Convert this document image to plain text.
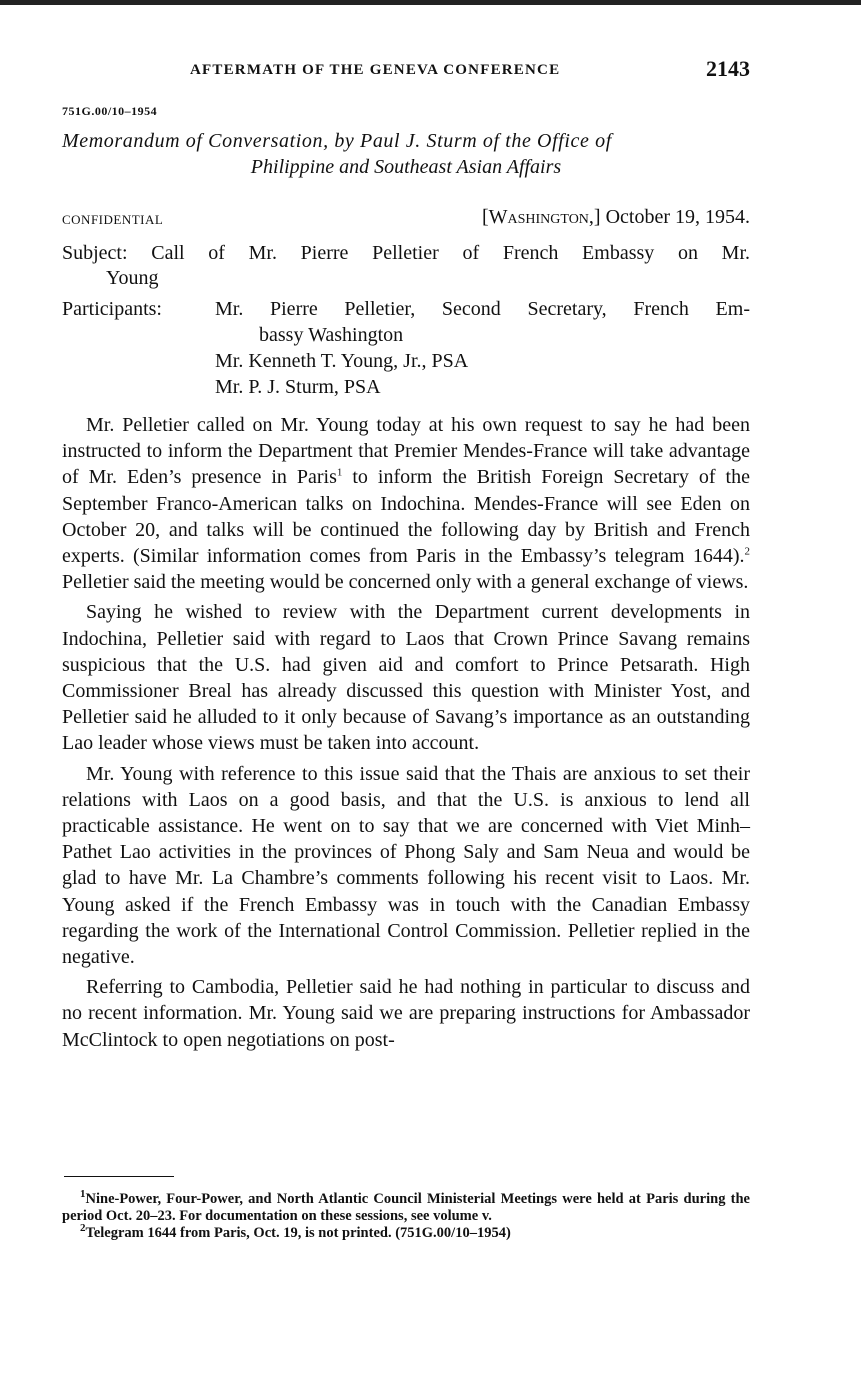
AFTERMATH OF THE GENEVA CONFERENCE	2143
751G.00/10–1954
Memorandum of Conversation, by Paul J. Sturm of the Office of
Philippine and Southeast Asian Affairs
CONFIDENTIAL	[Washington,] October 19, 1954.
Subject: Call of Mr. Pierre Pelletier of French Embassy on Mr.
Young
Participants:	Mr. Pierre Pelletier, Second Secretary, French Em-
bassy Washington
Mr. Kenneth T. Young, Jr., PSA
Mr. P. J. Sturm, PSA

Mr. Pelletier called on Mr. Young today at his own request to say he had been instructed to inform the Department that Premier Mendes-France will take advantage of Mr. Eden’s presence in Paris$^1$ to inform the British Foreign Secretary of the September Franco-American talks on Indochina. Mendes-France will see Eden on October 20, and talks will be continued the following day by British and French experts. (Similar information comes from Paris in the Embassy’s telegram 1644).$^2$ Pelletier said the meeting would be concerned only with a general exchange of views.

Saying he wished to review with the Department current developments in Indochina, Pelletier said with regard to Laos that Crown Prince Savang remains suspicious that the U.S. had given aid and comfort to Prince Petsarath. High Commissioner Breal has already discussed this question with Minister Yost, and Pelletier said he alluded to it only because of Savang’s importance as an outstanding Lao leader whose views must be taken into account.

Mr. Young with reference to this issue said that the Thais are anxious to set their relations with Laos on a good basis, and that the U.S. is anxious to lend all practicable assistance. He went on to say that we are concerned with Viet Minh–Pathet Lao activities in the provinces of Phong Saly and Sam Neua and would be glad to have Mr. La Chambre’s comments following his recent visit to Laos. Mr. Young asked if the French Embassy was in touch with the Canadian Embassy regarding the work of the International Control Commission. Pelletier replied in the negative.

Referring to Cambodia, Pelletier said he had nothing in particular to discuss and no recent information. Mr. Young said we are preparing instructions for Ambassador McClintock to open negotiations on post-

$^1$Nine-Power, Four-Power, and North Atlantic Council Ministerial Meetings were held at Paris during the period Oct. 20–23. For documentation on these sessions, see volume v.

$^2$Telegram 1644 from Paris, Oct. 19, is not printed. (751G.00/10–1954)
